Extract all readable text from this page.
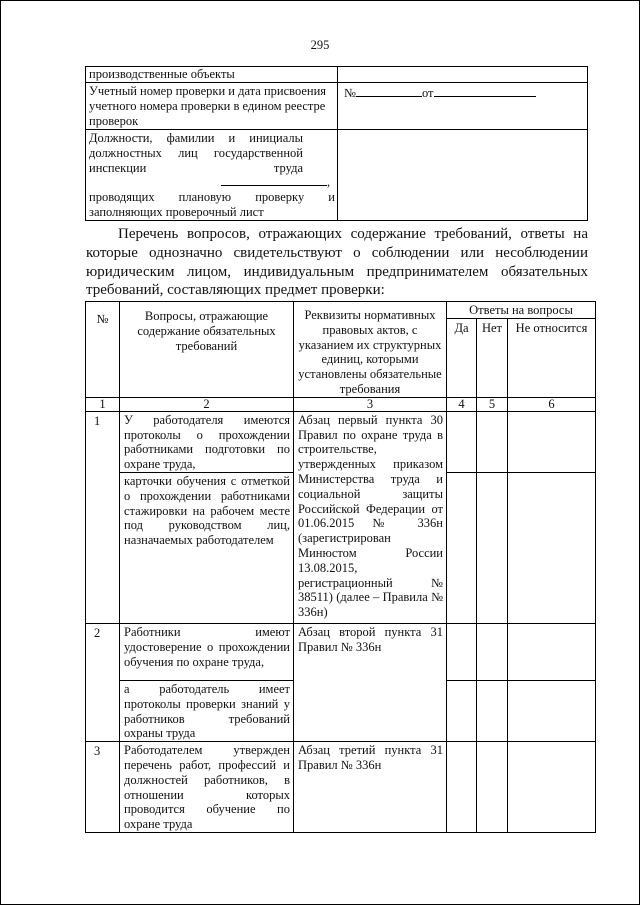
295
производственные объекты	
Учетный номер проверки и дата присвоения учетного номера проверки в едином реестре проверок	№ от

Должности, фамилии и инициалы должностных лиц государственной инспекции труда
,
проводящих плановую проверку и заполняющих проверочный лист	

Перечень вопросов, отражающих содержание требований, ответы на которые однозначно свидетельствуют о соблюдении или несоблюдении юридическим лицом, индивидуальным предпринимателем обязательных требований, составляющих предмет проверки:
№	Вопросы, отражающие содержание обязательных требований	Реквизиты нормативных правовых актов, с указанием их структурных единиц, которыми установлены обязательные требования	Ответы на вопросы		
			Да	Нет	Не относится
1	2	3	4	5	6
1	У работодателя имеются протоколы о прохождении работниками подготовки по охране труда,	Абзац первый пункта 30 Правил по охране труда в строительстве, утвержденных приказом Министерства труда и социальной защиты Российской Федерации от 01.06.2015 № 336н (зарегистрирован Минюстом России 13.08.2015, регистрационный № 38511) (далее – Правила № 336н)			
	карточки обучения с отметкой о прохождении работниками стажировки на рабочем месте под руководством лиц, назначаемых работодателем				
2	Работники имеют удостоверение о прохождении обучения по охране труда,	Абзац второй пункта 31 Правил № 336н			
	а работодатель имеет протоколы проверки знаний у работников требований охраны труда				
3	Работодателем утвержден перечень работ, профессий и должностей работников, в отношении которых проводится обучение по охране труда	Абзац третий пункта 31 Правил № 336н			
